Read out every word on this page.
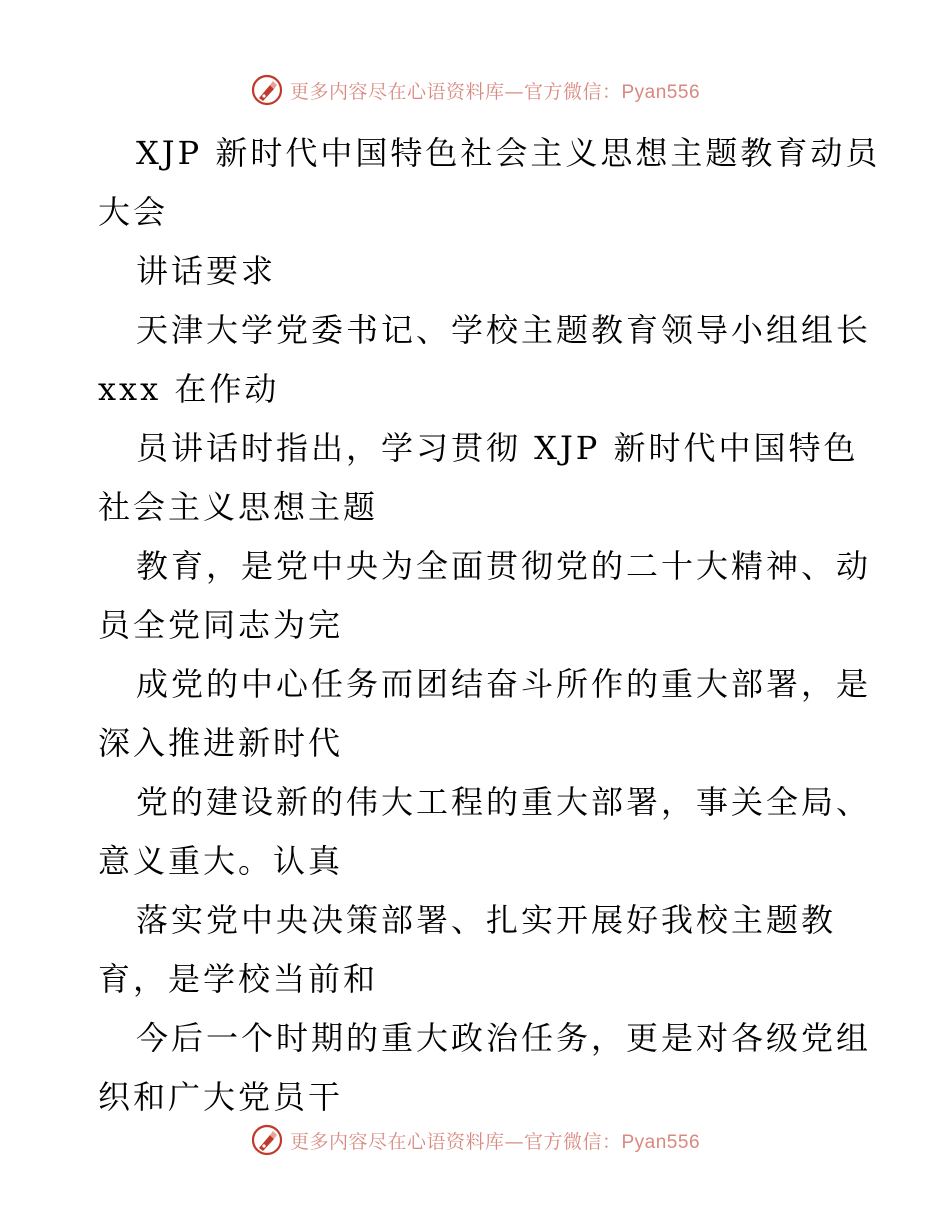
更多内容尽在心语资料库—官方微信：Pyan556
XJP 新时代中国特色社会主义思想主题教育动员
大会
讲话要求
天津大学党委书记、学校主题教育领导小组组长
xxx 在作动
员讲话时指出，学习贯彻 XJP 新时代中国特色
社会主义思想主题
教育，是党中央为全面贯彻党的二十大精神、动
员全党同志为完
成党的中心任务而团结奋斗所作的重大部署，是
深入推进新时代
党的建设新的伟大工程的重大部署，事关全局、
意义重大。认真
落实党中央决策部署、扎实开展好我校主题教
育，是学校当前和
今后一个时期的重大政治任务，更是对各级党组
织和广大党员干
更多内容尽在心语资料库—官方微信：Pyan556
